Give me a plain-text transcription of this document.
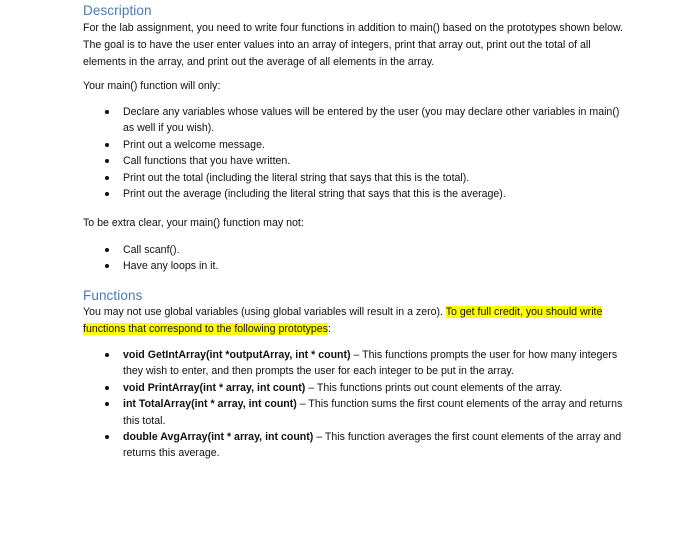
Description
For the lab assignment, you need to write four functions in addition to main() based on the prototypes shown below. The goal is to have the user enter values into an array of integers, print that array out, print out the total of all elements in the array, and print out the average of all elements in the array.
Your main() function will only:
Declare any variables whose values will be entered by the user (you may declare other variables in main() as well if you wish).
Print out a welcome message.
Call functions that you have written.
Print out the total (including the literal string that says that this is the total).
Print out the average (including the literal string that says that this is the average).
To be extra clear, your main() function may not:
Call scanf().
Have any loops in it.
Functions
You may not use global variables (using global variables will result in a zero). To get full credit, you should write functions that correspond to the following prototypes:
void GetIntArray(int *outputArray, int * count) – This functions prompts the user for how many integers they wish to enter, and then prompts the user for each integer to be put in the array.
void PrintArray(int * array, int count) – This functions prints out count elements of the array.
int TotalArray(int * array, int count) – This function sums the first count elements of the array and returns this total.
double AvgArray(int * array, int count) – This function averages the first count elements of the array and returns this average.
